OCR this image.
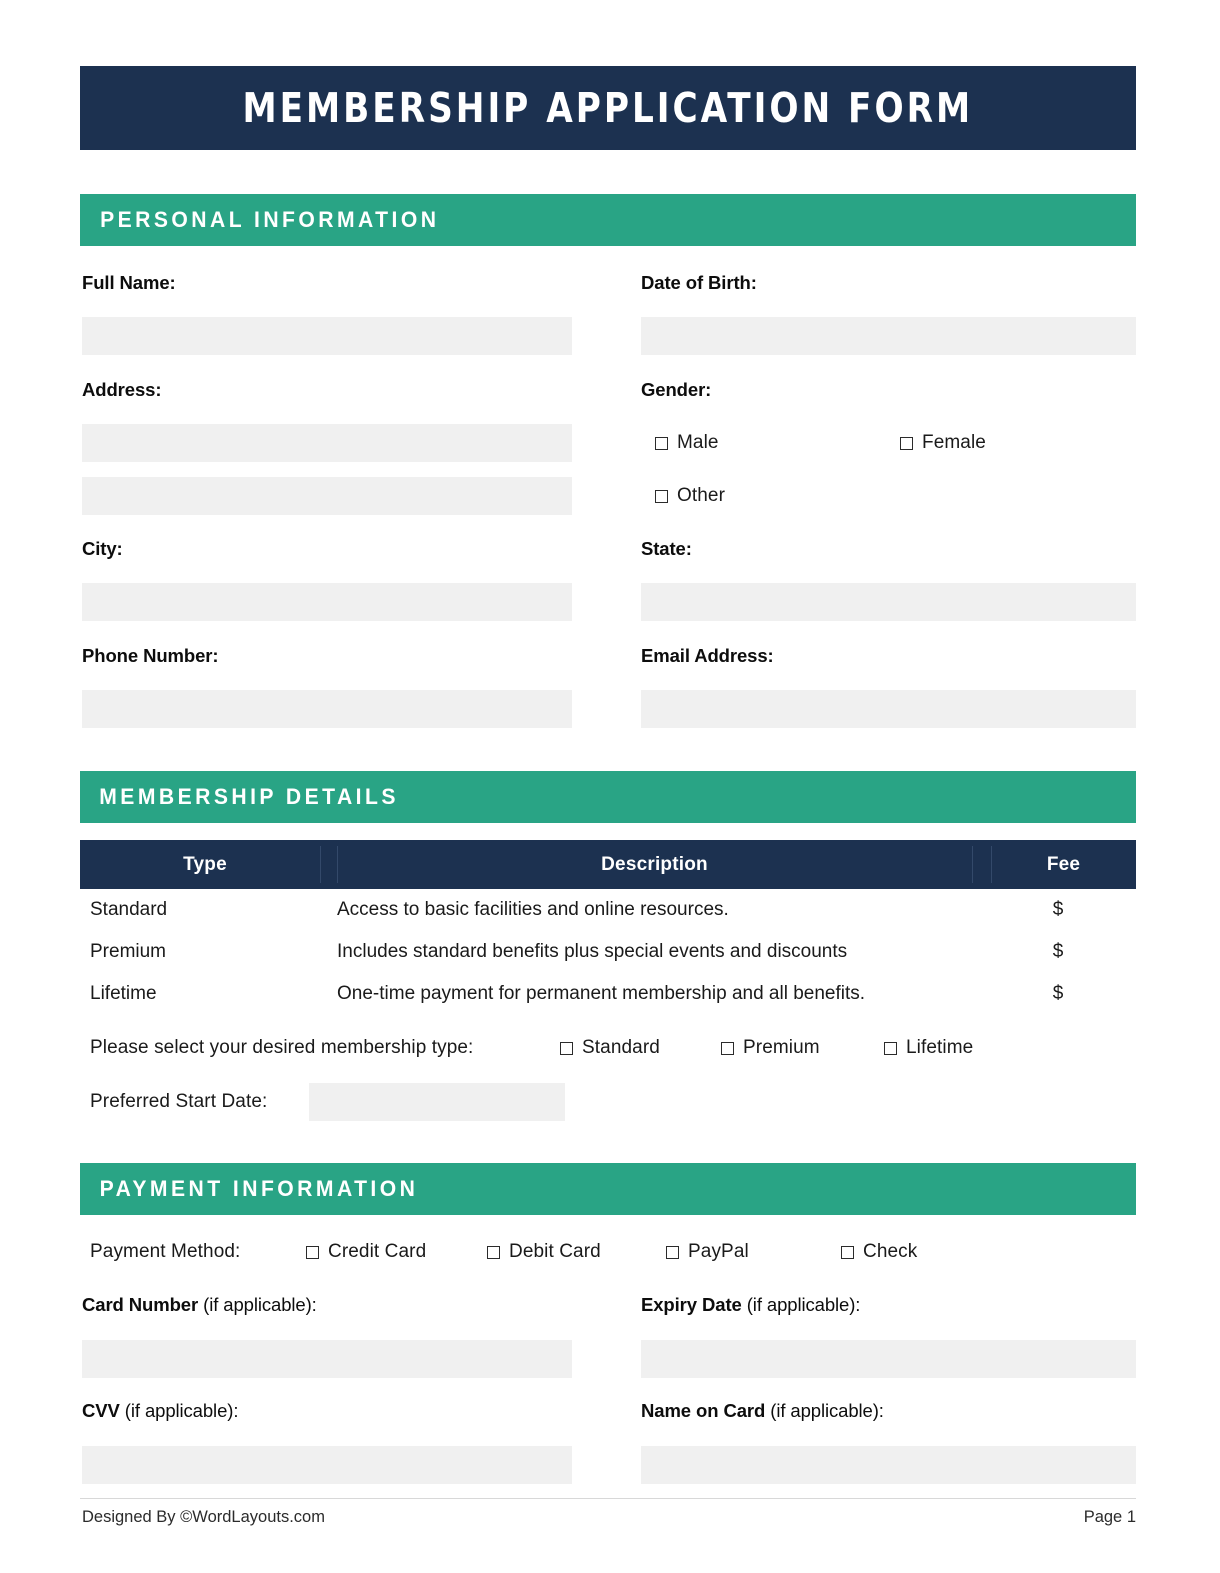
MEMBERSHIP APPLICATION FORM
PERSONAL INFORMATION
Full Name:	Date of Birth:
Address:	Gender:
Male	Female
Other
City:	State:
Phone Number:	Email Address:
MEMBERSHIP DETAILS
Type	Description	Fee
Standard	Access to basic facilities and online resources.	$
Premium	Includes standard benefits plus special events and discounts	$
Lifetime	One-time payment for permanent membership and all benefits.	$
Please select your desired membership type:	Standard	Premium	Lifetime
Preferred Start Date:
PAYMENT INFORMATION
Payment Method:	Credit Card	Debit Card	PayPal	Check
Card Number (if applicable):	Expiry Date (if applicable):
CVV (if applicable):	Name on Card (if applicable):
Designed By ©WordLayouts.com	Page 1
